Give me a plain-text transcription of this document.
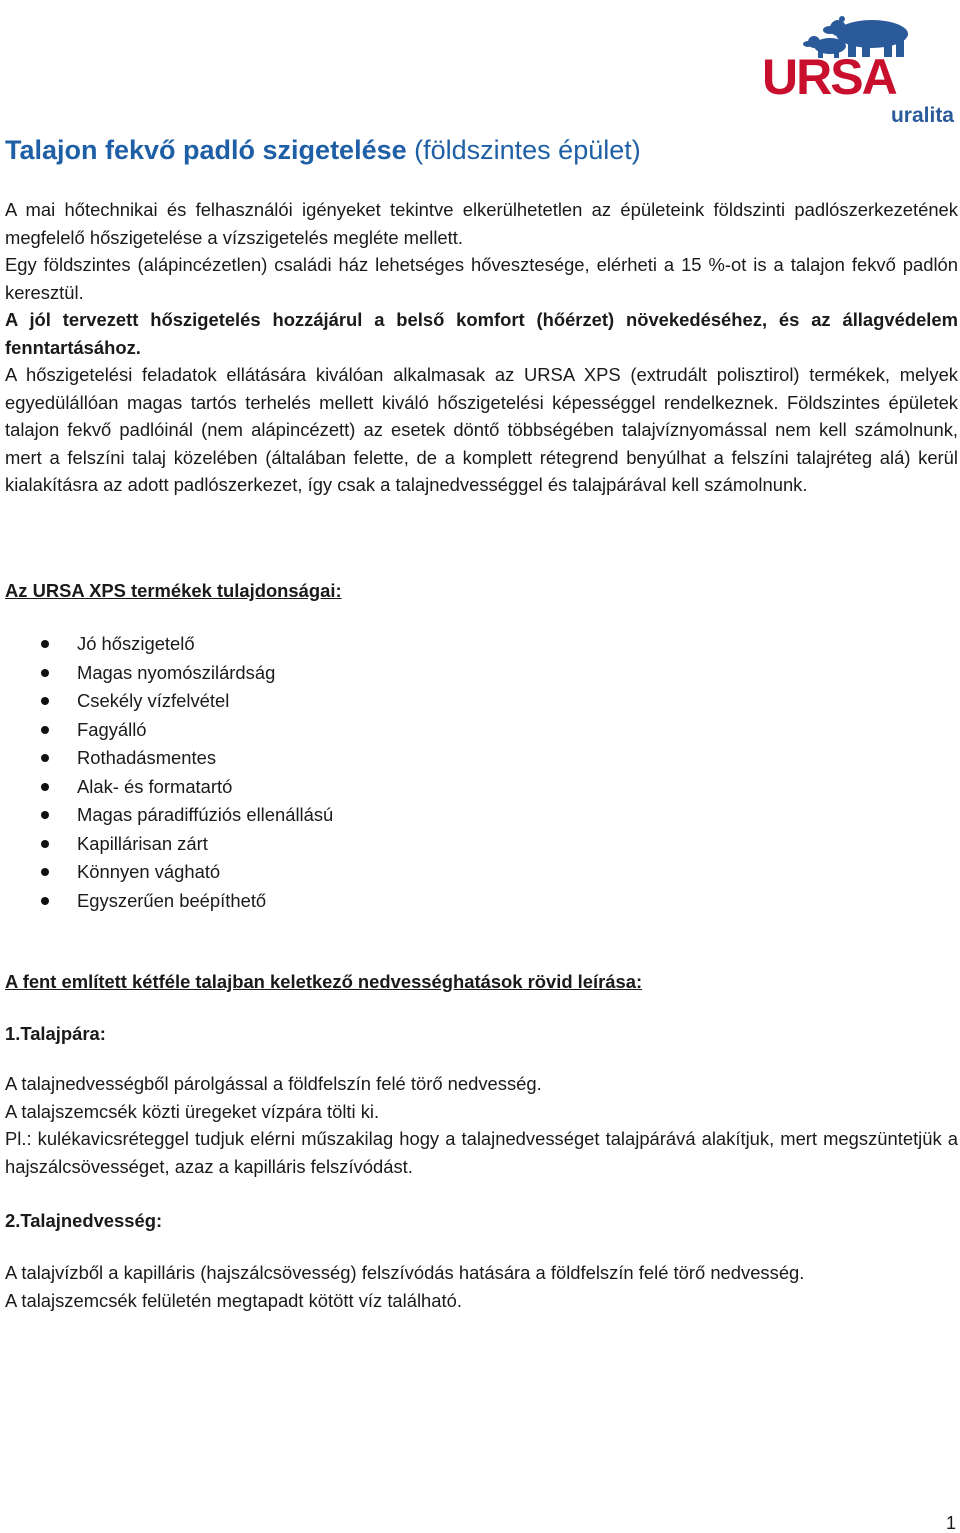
URSA
uralita
Talajon fekvő padló szigetelése (földszintes épület)

A mai hőtechnikai és felhasználói igényeket tekintve elkerülhetetlen az épületeink földszinti padlószerkezetének megfelelő hőszigetelése a vízszigetelés megléte mellett.

Egy földszintes (alápincézetlen) családi ház lehetséges hővesztesége, elérheti a 15 %-ot is a talajon fekvő padlón keresztül.

A jól tervezett hőszigetelés hozzájárul a belső komfort (hőérzet) növekedéséhez, és az állagvédelem fenntartásához.

A hőszigetelési feladatok ellátására kiválóan alkalmasak az URSA XPS (extrudált polisztirol) termékek, melyek egyedülállóan magas tartós terhelés mellett kiváló hőszigetelési képességgel rendelkeznek. Földszintes épületek talajon fekvő padlóinál (nem alápincézett) az esetek döntő többségében talajvíznyomással nem kell számolnunk, mert a felszíni talaj közelében (általában felette, de a komplett rétegrend benyúlhat a felszíni talajréteg alá) kerül kialakításra az adott padlószerkezet, így csak a talajnedvességgel és talajpárával kell számolnunk.

Az URSA XPS termékek tulajdonságai:
Jó hőszigetelő
Magas nyomószilárdság
Csekély vízfelvétel
Fagyálló
Rothadásmentes
Alak- és formatartó
Magas páradiffúziós ellenállású
Kapillárisan zárt
Könnyen vágható
Egyszerűen beépíthető
A fent említett kétféle talajban keletkező nedvességhatások rövid leírása:
1.Talajpára:

A talajnedvességből párolgással a földfelszín felé törő nedvesség.

A talajszemcsék közti üregeket vízpára tölti ki.

Pl.: kulékavicsréteggel tudjuk elérni műszakilag hogy a talajnedvességet talajpárává alakítjuk, mert megszüntetjük a hajszálcsövességet, azaz a kapilláris felszívódást.

2.Talajnedvesség:

A talajvízből a kapilláris (hajszálcsövesség) felszívódás hatására a földfelszín felé törő nedvesség.

A talajszemcsék felületén megtapadt kötött víz található.

1
